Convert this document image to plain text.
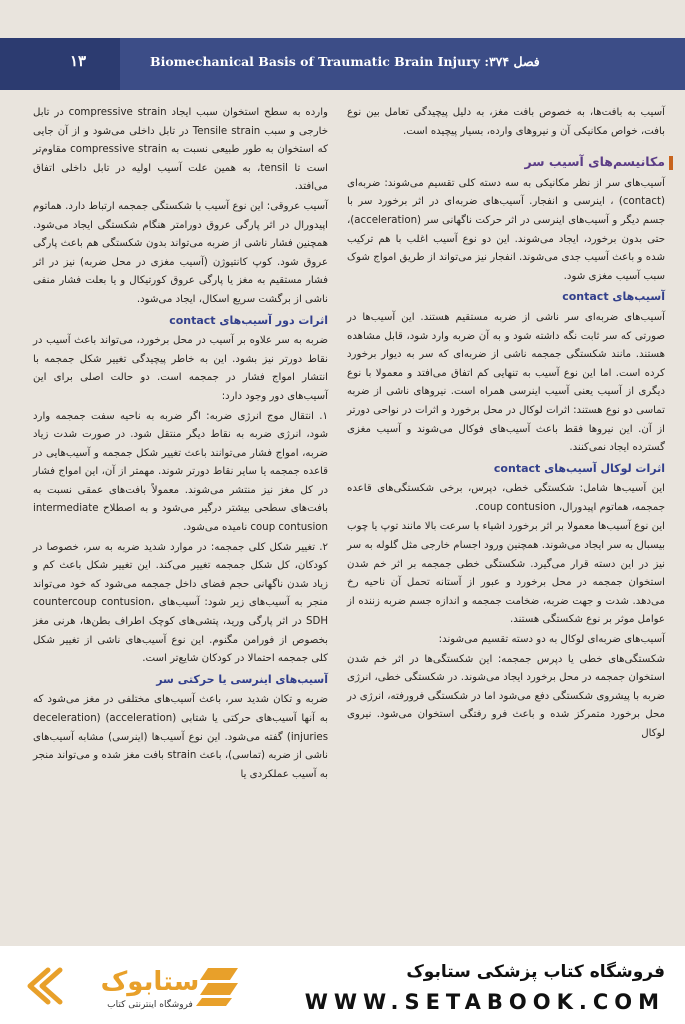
۱۳	Biomechanical Basis of Traumatic Brain Injury :فصل ۳۷۴

آسیب به بافت‌ها، به خصوص بافت مغز، به دلیل پیچیدگی تعامل بین نوع بافت، خواص مکانیکی آن و نیروهای وارده، بسیار پیچیده است.

مکانیسم‌های آسیب سر

آسیب‌های سر از نظر مکانیکی به سه دسته کلی تقسیم می‌شوند: ضربه‌ای (contact) ، اینرسی و انفجار. آسیب‌های ضربه‌ای در اثر برخورد سر با جسم دیگر و آسیب‌های اینرسی در اثر حرکت ناگهانی سر (acceleration)، حتی بدون برخورد، ایجاد می‌شوند. این دو نوع آسیب اغلب با هم ترکیب شده و باعث آسیب جدی می‌شوند. انفجار نیز می‌تواند از طریق امواج شوک سبب آسیب مغزی شود.

آسیب‌های contact

آسیب‌های ضربه‌ای سر ناشی از ضربه مستقیم هستند. این آسیب‌ها در صورتی که سر ثابت نگه داشته شود و به آن ضربه وارد شود، قابل مشاهده هستند. مانند شکستگی جمجمه ناشی از ضربه‌ای که سر به دیوار برخورد کرده است. اما این نوع آسیب به تنهایی کم اتفاق می‌افتد و معمولا با نوع دیگری از آسیب یعنی آسیب اینرسی همراه است. نیروهای ناشی از ضربه تماسی دو نوع هستند: اثرات لوکال در محل برخورد و اثرات در نواحی دورتر از آن. این نیروها فقط باعث آسیب‌های فوکال می‌شوند و آسیب مغزی گسترده ایجاد نمی‌کنند.

اثرات لوکال آسیب‌های contact

این آسیب‌ها شامل: شکستگی خطی، دپرس، برخی شکستگی‌های قاعده جمجمه، هماتوم اپیدورال، coup contusion.

این نوع آسیب‌ها معمولا بر اثر برخورد اشیاء با سرعت بالا مانند توپ یا چوب بیسبال به سر ایجاد می‌شوند. همچنین ورود اجسام خارجی مثل گلوله به سر نیز در این دسته قرار می‌گیرد. شکستگی خطی جمجمه بر اثر خم شدن استخوان جمجمه در محل برخورد و عبور از آستانه تحمل آن ناحیه رخ می‌دهد. شدت و جهت ضربه، ضخامت جمجمه و اندازه جسم ضربه زننده از عوامل موثر بر نوع شکستگی هستند.

آسیب‌های ضربه‌ای لوکال به دو دسته تقسیم می‌شوند:

شکستگی‌های خطی یا دپرس جمجمه: این شکستگی‌ها در اثر خم شدن استخوان جمجمه در محل برخورد ایجاد می‌شوند. در شکستگی خطی، انرژی ضربه با پیشروی شکستگی دفع می‌شود اما در شکستگی فرورفته، انرژی در محل برخورد متمرکز شده و باعث فرو رفتگی استخوان می‌شود. نیروی لوکال

وارده به سطح استخوان سبب ایجاد compressive strain در تابل خارجی و سبب Tensile strain در تابل داخلی می‌شود و از آن جایی که استخوان به طور طبیعی نسبت به compressive strain مقاوم‌تر است تا tensil، به همین علت آسیب اولیه در تابل داخلی اتفاق می‌افتد.

آسیب عروقی: این نوع آسیب با شکستگی جمجمه ارتباط دارد. هماتوم اپیدورال در اثر پارگی عروق دورامتر هنگام شکستگی ایجاد می‌شود. همچنین فشار ناشی از ضربه می‌تواند بدون شکستگی هم باعث پارگی عروق شود. کوپ کانتیوژن (آسیب مغزی در محل ضربه) نیز در اثر فشار مستقیم به مغز یا پارگی عروق کورتیکال و یا بعلت فشار منفی ناشی از برگشت سریع اسکال، ایجاد می‌شود.

اثرات دور آسیب‌های contact

ضربه به سر علاوه بر آسیب در محل برخورد، می‌تواند باعث آسیب در نقاط دورتر نیز بشود. این به خاطر پیچیدگی تغییر شکل جمجمه با انتشار امواج فشار در جمجمه است. دو حالت اصلی برای این آسیب‌های دور وجود دارد:

۱. انتقال موج انرژی ضربه: اگر ضربه به ناحیه سفت جمجمه وارد شود، انرژی ضربه به نقاط دیگر منتقل شود. در صورت شدت زیاد ضربه، امواج فشار می‌توانند باعث تغییر شکل جمجمه و آسیب‌هایی در قاعده جمجمه یا سایر نقاط دورتر شوند. مهمتر از آن، این امواج فشار در کل مغز نیز منتشر می‌شوند. معمولاً بافت‌های عمقی نسبت به بافت‌های سطحی بیشتر درگیر می‌شود و به اصطلاح intermediate coup contusion نامیده می‌شود.

۲. تغییر شکل کلی جمجمه: در موارد شدید ضربه به سر، خصوصا در کودکان، کل شکل جمجمه تغییر می‌کند. این تغییر شکل باعث کم و زیاد شدن ناگهانی حجم فضای داخل جمجمه می‌شود که خود می‌تواند منجر به آسیب‌های زیر شود: آسیب‌های countercoup contusion، SDH در اثر پارگی ورید، پتشی‌های کوچک اطراف بطن‌ها، هرنی مغز بخصوص از فورامن مگنوم. این نوع آسیب‌های ناشی از تغییر شکل کلی جمجمه احتمالا در کودکان شایع‌تر است.

آسیب‌های اینرسی یا حرکتی سر

ضربه و تکان شدید سر، باعث آسیب‌های مختلفی در مغز می‌شود که به آنها آسیب‌های حرکتی یا شتابی (acceleration) (deceleration injuries) گفته می‌شود. این نوع آسیب‌ها (اینرسی) مشابه آسیب‌های ناشی از ضربه (تماسی)، باعث strain بافت مغز شده و می‌تواند منجر به آسیب عملکردی یا

ستابوک
فروشگاه اینترنتی کتاب
فروشگاه کتاب پزشکی ستابوک
WWW.SETABOOK.COM
